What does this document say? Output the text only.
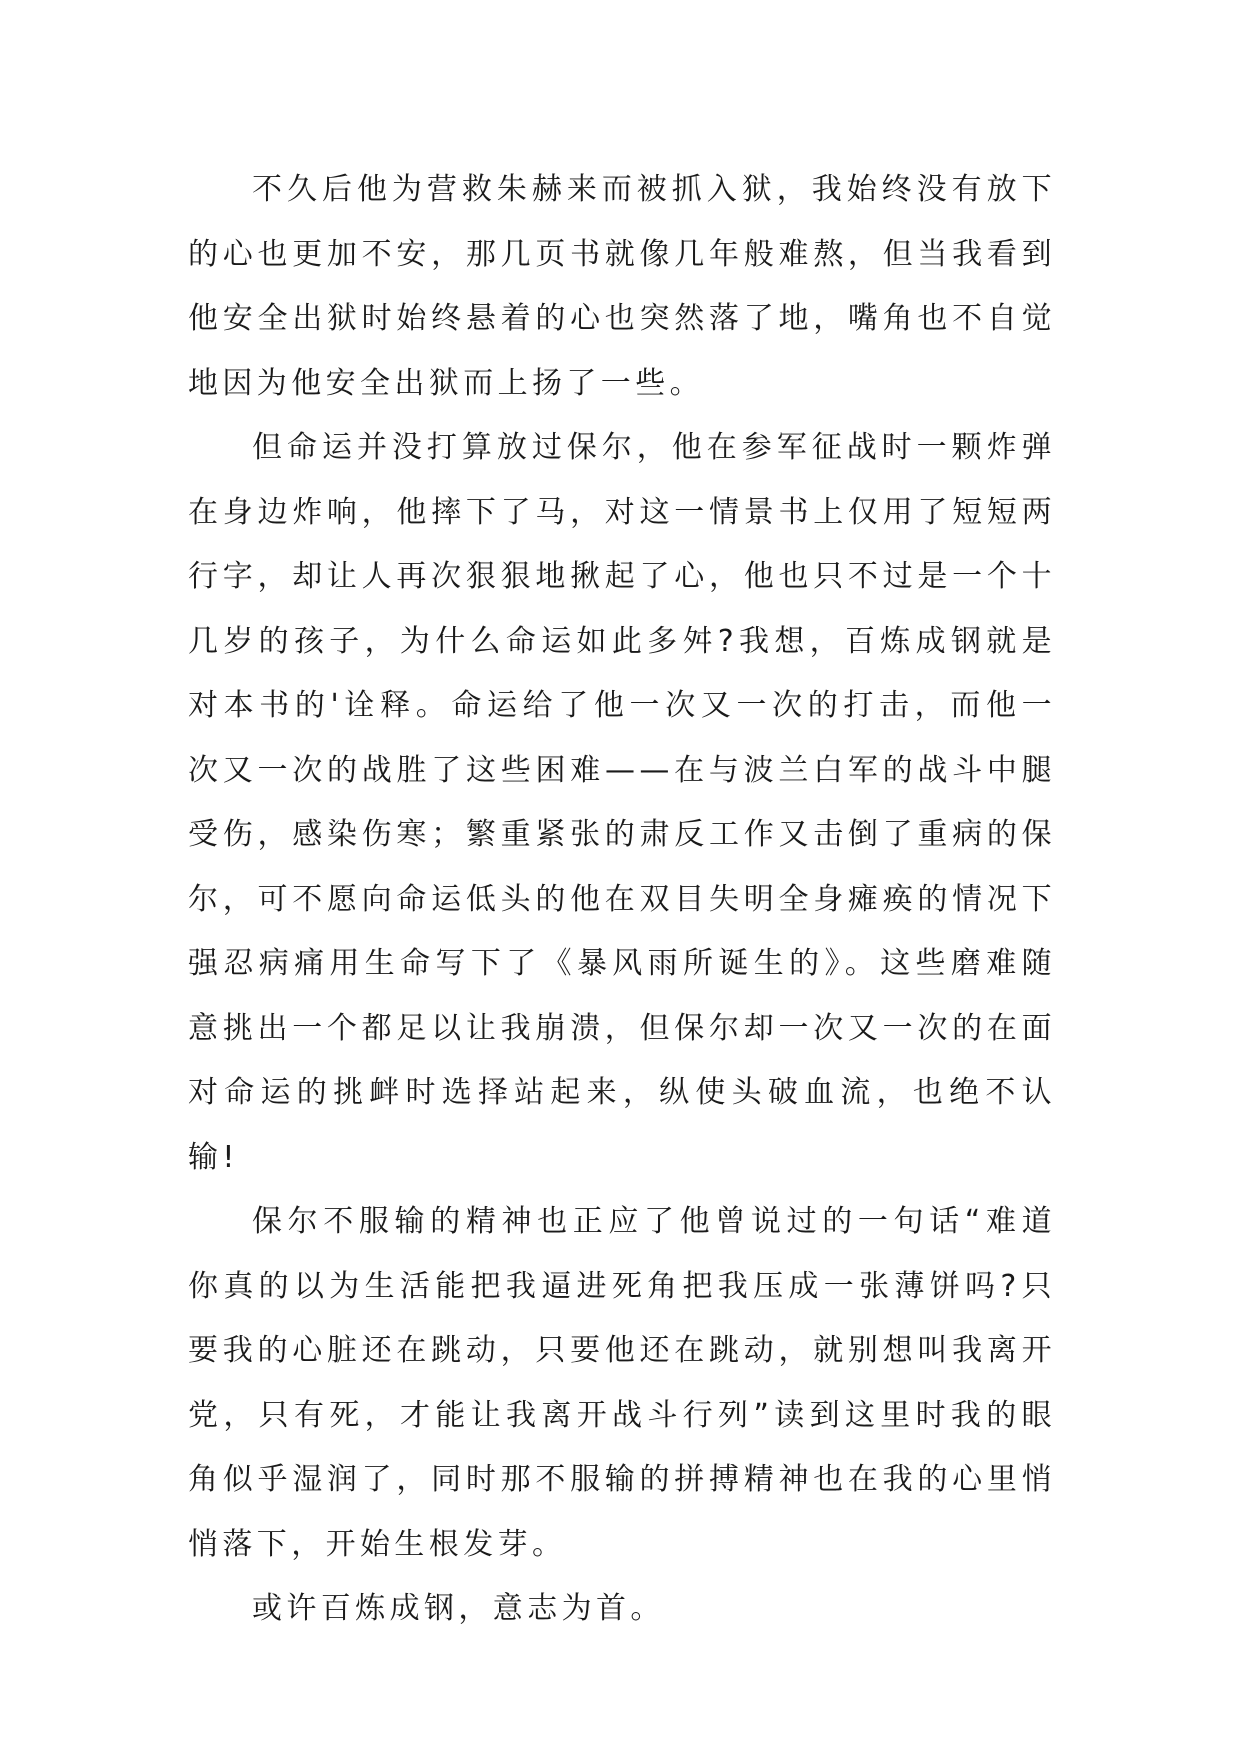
不久后他为营救朱赫来而被抓入狱，我始终没有放下的心也更加不安，那几页书就像几年般难熬，但当我看到他安全出狱时始终悬着的心也突然落了地，嘴角也不自觉地因为他安全出狱而上扬了一些。

但命运并没打算放过保尔，他在参军征战时一颗炸弹在身边炸响，他摔下了马，对这一情景书上仅用了短短两行字，却让人再次狠狠地揪起了心，他也只不过是一个十几岁的孩子，为什么命运如此多舛?我想，百炼成钢就是对本书的'诠释。命运给了他一次又一次的打击，而他一次又一次的战胜了这些困难——在与波兰白军的战斗中腿受伤，感染伤寒；繁重紧张的肃反工作又击倒了重病的保尔，可不愿向命运低头的他在双目失明全身瘫痪的情况下强忍病痛用生命写下了《暴风雨所诞生的》。这些磨难随意挑出一个都足以让我崩溃，但保尔却一次又一次的在面对命运的挑衅时选择站起来，纵使头破血流，也绝不认输!

保尔不服输的精神也正应了他曾说过的一句话“难道你真的以为生活能把我逼进死角把我压成一张薄饼吗?只要我的心脏还在跳动，只要他还在跳动，就别想叫我离开党，只有死，才能让我离开战斗行列”读到这里时我的眼角似乎湿润了，同时那不服输的拼搏精神也在我的心里悄悄落下，开始生根发芽。

或许百炼成钢，意志为首。
